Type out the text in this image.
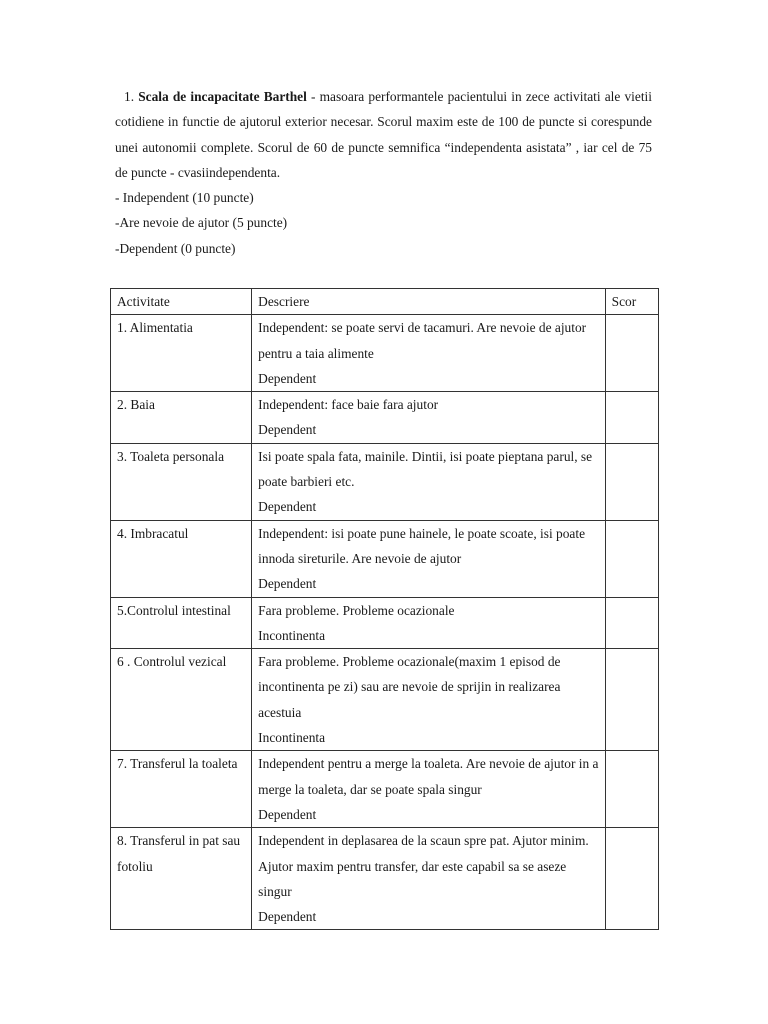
1. Scala de incapacitate Barthel - masoara performantele pacientului in zece activitati ale vietii cotidiene in functie de ajutorul exterior necesar. Scorul maxim este de 100 de puncte si corespunde unei autonomii complete. Scorul de 60 de puncte semnifica “independenta asistata” , iar cel de 75 de puncte - cvasiindependenta.

- Independent (10 puncte)

-Are nevoie de ajutor (5 puncte)

-Dependent (0 puncte)

Activitate	Descriere	Scor
1. Alimentatia	Independent: se poate servi de tacamuri. Are nevoie de ajutor pentru a taia alimente
Dependent	

2. Baia	Independent: face baie fara ajutor
Dependent	

3. Toaleta personala	Isi poate spala fata, mainile. Dintii, isi poate pieptana parul, se poate barbieri etc.
Dependent	

4. Imbracatul	Independent: isi poate pune hainele, le poate scoate, isi poate innoda sireturile. Are nevoie de ajutor
Dependent	

5.Controlul intestinal	Fara probleme. Probleme ocazionale
Incontinenta	

6 . Controlul vezical	Fara probleme. Probleme ocazionale(maxim 1 episod de incontinenta pe zi) sau are nevoie de sprijin in realizarea acestuia
Incontinenta	

7. Transferul la toaleta	Independent pentru a merge la toaleta. Are nevoie de ajutor in a merge la toaleta, dar se poate spala singur
Dependent	

8. Transferul in pat sau fotoliu	Independent in deplasarea de la scaun spre pat. Ajutor minim. Ajutor maxim pentru transfer, dar este capabil sa se aseze singur
Dependent	
